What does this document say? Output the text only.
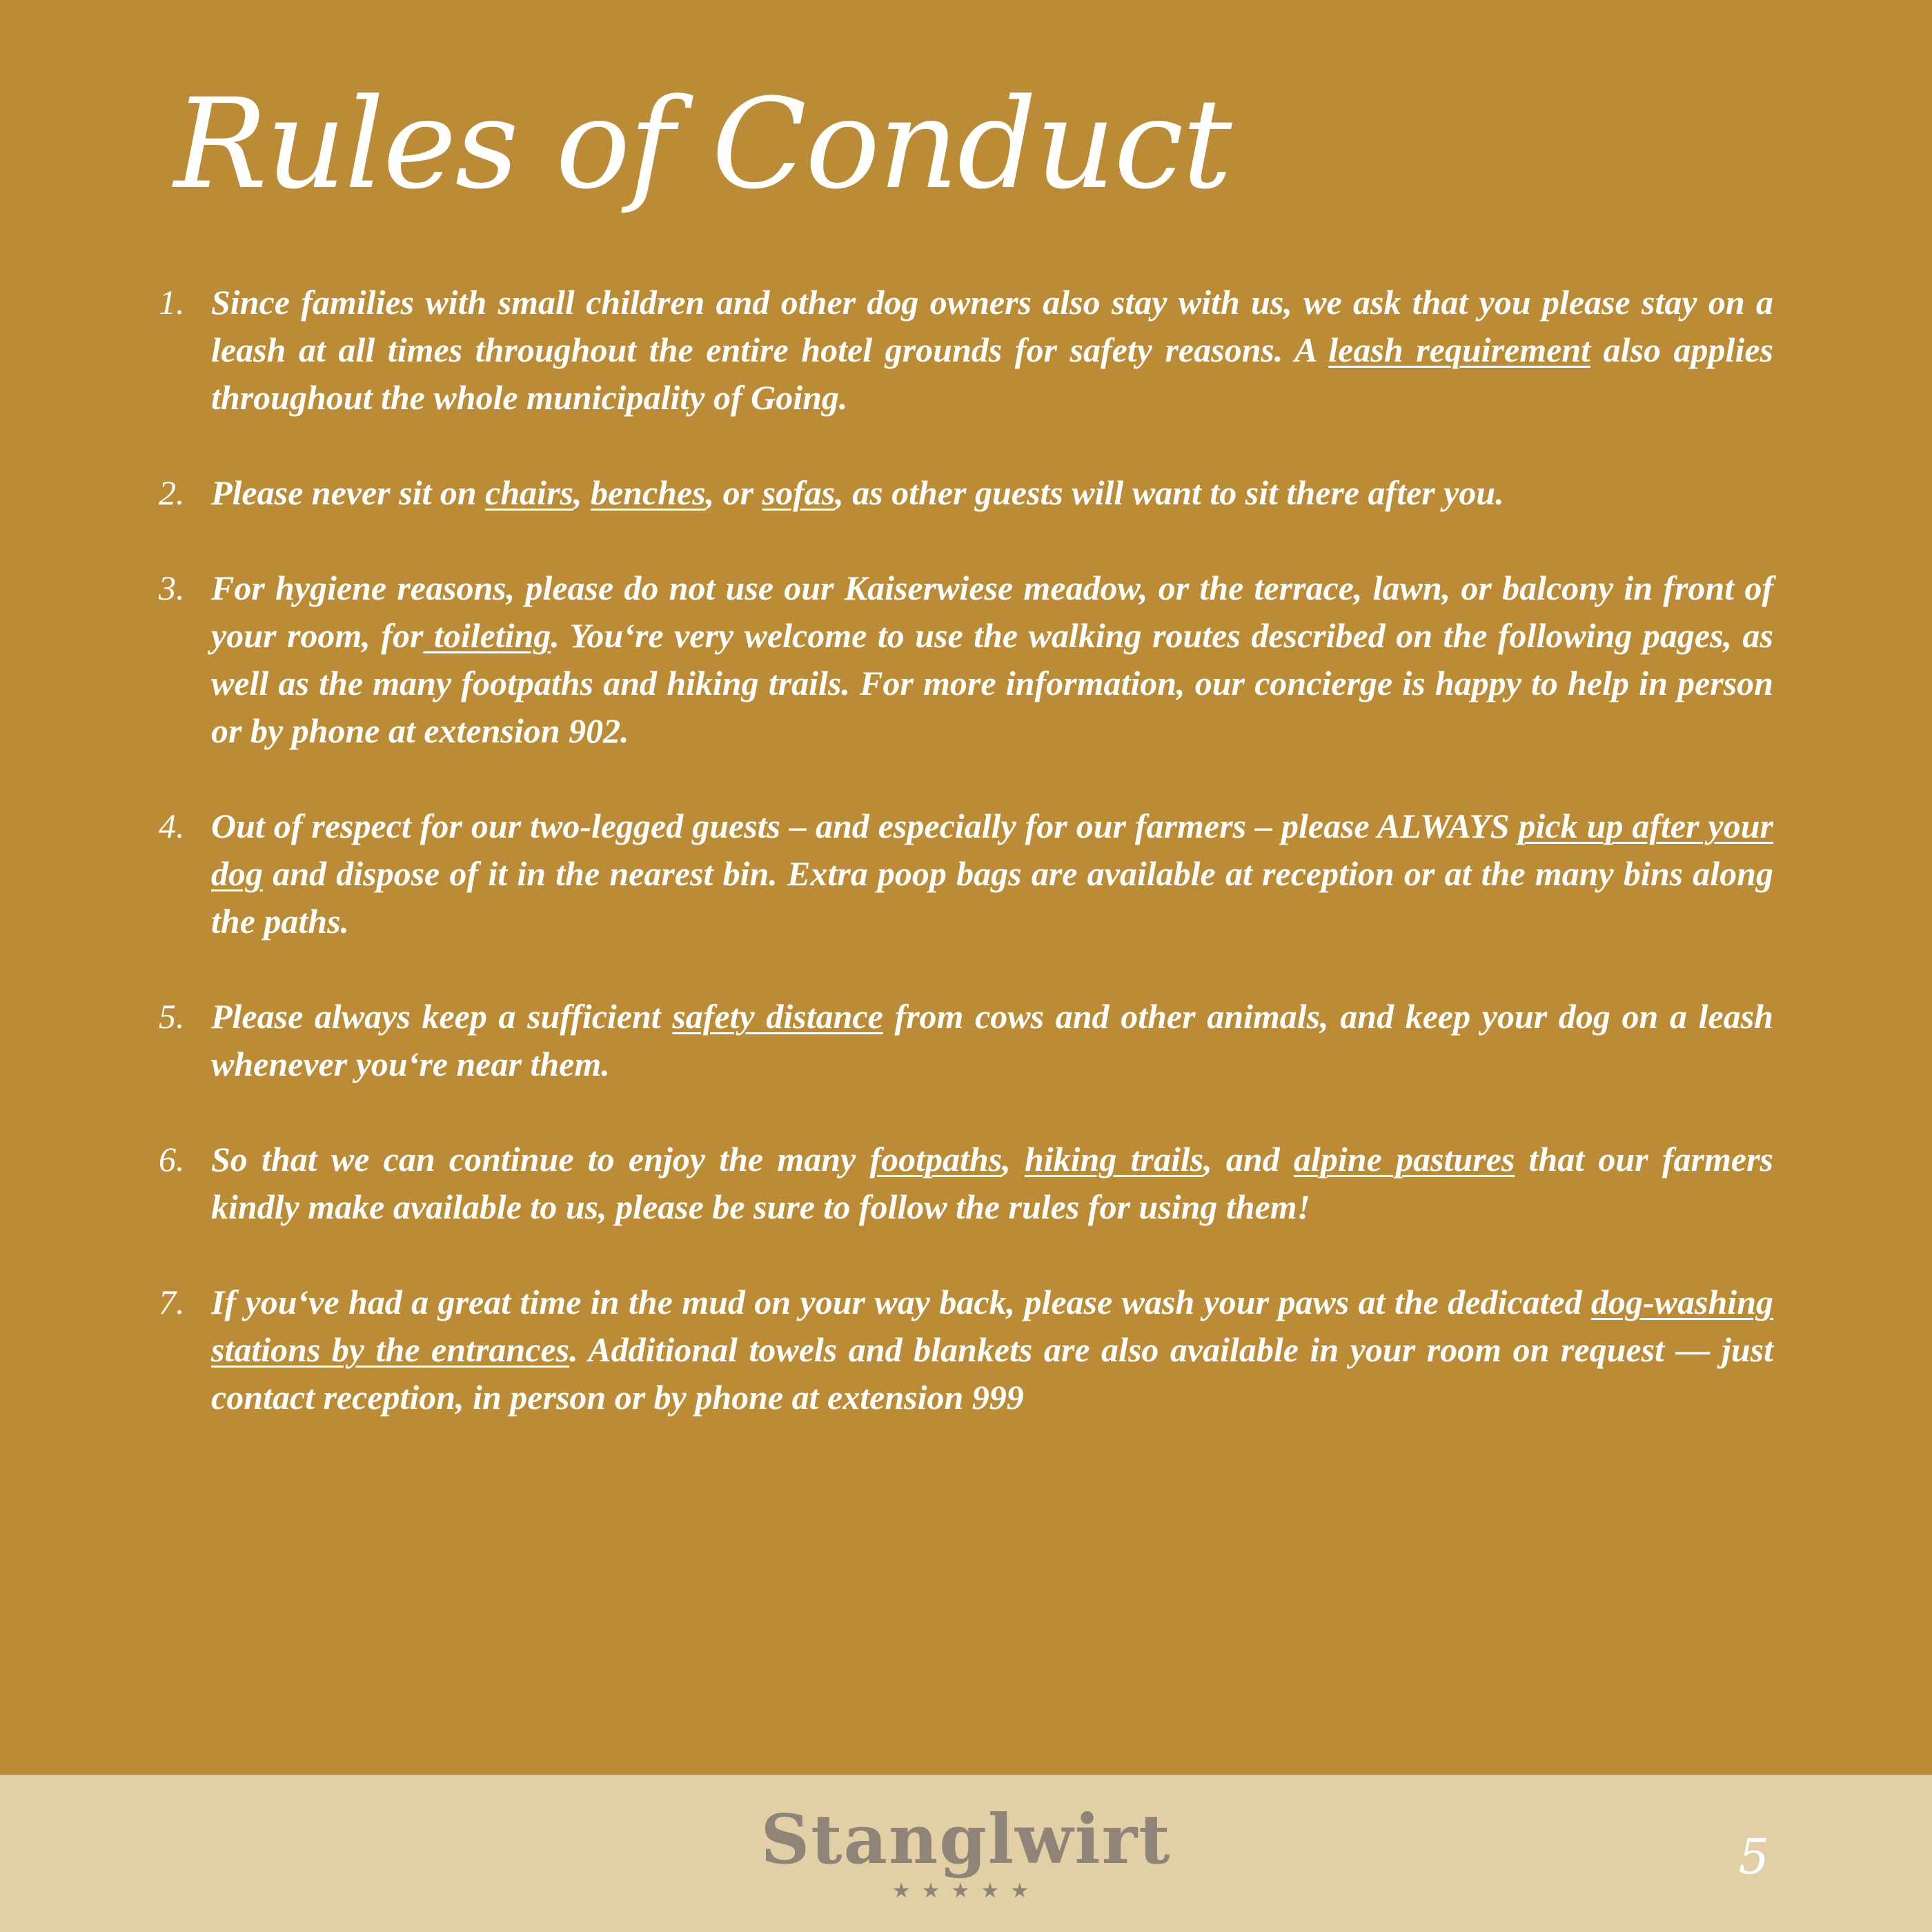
Rules of Conduct
1. Since families with small children and other dog owners also stay with us, we ask that you please stay on a leash at all times throughout the entire hotel grounds for safety reasons. A leash requirement also applies throughout the whole municipality of Going.

2. Please never sit on chairs, benches, or sofas, as other guests will want to sit there after you.

3. For hygiene reasons, please do not use our Kaiserwiese meadow, or the terrace, lawn, or balcony in front of your room, for toileting. You‘re very welcome to use the walking routes described on the following pages, as well as the many footpaths and hiking trails. For more information, our concierge is happy to help in person or by phone at extension 902.

4. Out of respect for our two-legged guests – and especially for our farmers – please ALWAYS pick up after your dog and dispose of it in the nearest bin. Extra poop bags are available at reception or at the many bins along the paths.

5. Please always keep a sufficient safety distance from cows and other animals, and keep your dog on a leash whenever you‘re near them.

6. So that we can continue to enjoy the many footpaths, hiking trails, and alpine pastures that our farmers kindly make available to us, please be sure to follow the rules for using them!

7. If you‘ve had a great time in the mud on your way back, please wash your paws at the dedicated dog-washing stations by the entrances. Additional towels and blankets are also available in your room on request — just contact reception, in person or by phone at extension 999

Stanglwirt
★★★★★
5
